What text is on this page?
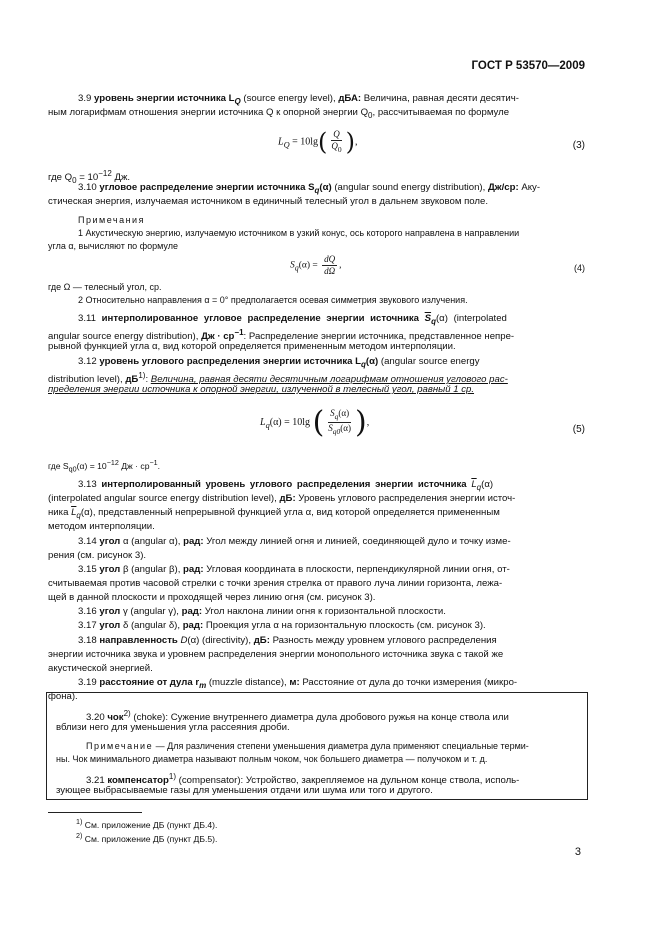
ГОСТ Р 53570—2009
3.9 уровень энергии источника $L_Q$ (source energy level), дБА: Величина, равная десяти десятич-
ным логарифмам отношения энергии источника Q к опорной энергии $Q_0$, рассчитываемая по формуле
$L_Q = 10\lg( \frac{Q}{Q_0}$ ),	(3)
где $Q_0 = 10^{-12}$ Дж.
3.10 угловое распределение энергии источника $S_q(\alpha)$ (angular sound energy distribution), Дж/ср: Аку-
стическая энергия, излучаемая источником в единичный телесный угол в дальнем звуковом поле.
Примечания
1 Акустическую энергию, излучаемую источником в узкий конус, ось которого направлена в направлении
угла α, вычисляют по формуле
$S_q(\alpha) = \frac{dQ}{d\Omega}$ ,	(4)
где Ω — телесный угол, ср.
2 Относительно направления α = 0° предполагается осевая симметрия звукового излучения.
3.11 интерполированное угловое распределение энергии источника $\overline{S}_q(\alpha)$ (interpolated
angular source energy distribution), Дж · $ср^{-1}$: Распределение энергии источника, представленное непре-
рывной функцией угла α, вид которой определяется примененным методом интерполяции.
3.12 уровень углового распределения энергии источника $L_q(\alpha)$ (angular source energy
distribution level), $дБ^{1)}$: Величина, равная десяти десятичным логарифмам отношения углового рас-
пределения энергии источника к опорной энергии, излученной в телесный угол, равный 1 ср.
$L_q(\alpha) = 10\lg$ ( $\frac{S_q(\alpha)}{S_{q0}(\alpha)}$ ),
(5)
где $S_{q0}(\alpha) = 10^{-12}$ Дж · $ср^{-1}$.
3.13 интерполированный уровень углового распределения энергии источника $\overline{L}_q(\alpha)$
(interpolated angular source energy distribution level), дБ: Уровень углового распределения энергии источ-
ника $\overline{L}_q(\alpha)$, представленный непрерывной функцией угла α, вид которой определяется примененным
методом интерполяции.
3.14 угол α (angular α), рад: Угол между линией огня и линией, соединяющей дуло и точку изме-
рения (см. рисунок 3).
3.15 угол β (angular β), рад: Угловая координата в плоскости, перпендикулярной линии огня, от-
считываемая против часовой стрелки с точки зрения стрелка от правого луча линии горизонта, лежа-
щей в данной плоскости и проходящей через линию огня (см. рисунок 3).
3.16 угол γ (angular γ), рад: Угол наклона линии огня к горизонтальной плоскости.
3.17 угол δ (angular δ), рад: Проекция угла α на горизонтальную плоскость (см. рисунок 3).
3.18 направленность D(α) (directivity), дБ: Разность между уровнем углового распределения
энергии источника звука и уровнем распределения энергии монопольного источника звука с такой же
акустической энергией.
3.19 расстояние от дула $r_m$ (muzzle distance), м: Расстояние от дула до точки измерения (микро-
фона).
3.20 чок$^{2)}$ (choke): Сужение внутреннего диаметра дула дробового ружья на конце ствола или
вблизи него для уменьшения угла рассеяния дроби.
Примечание — Для различения степени уменьшения диаметра дула применяют специальные терми-
ны. Чок минимального диаметра называют полным чоком, чок большего диаметра — получоком и т. д.
3.21 компенсатор$^{1)}$ (compensator): Устройство, закрепляемое на дульном конце ствола, исполь-
зующее выбрасываемые газы для уменьшения отдачи или шума или того и другого.
$^{1)}$ См. приложение ДБ (пункт ДБ.4).
$^{2)}$ См. приложение ДБ (пункт ДБ.5).
3
